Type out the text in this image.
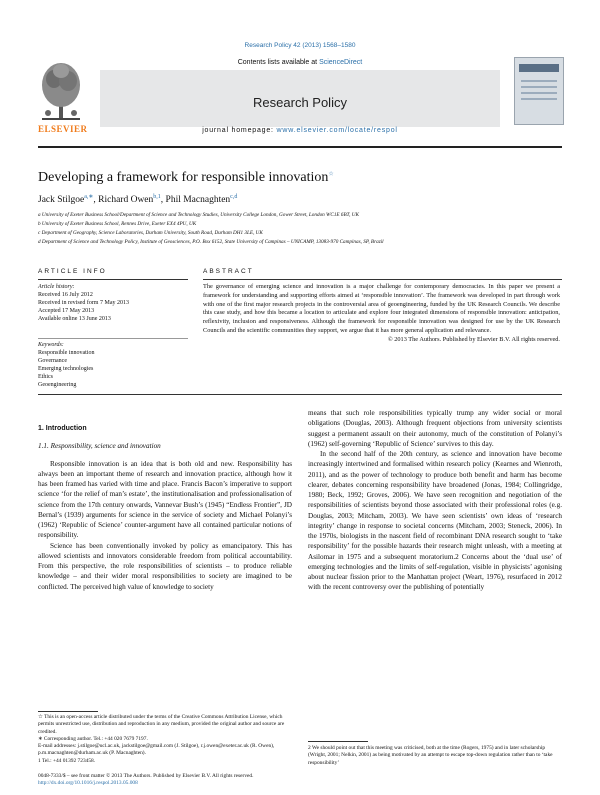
Research Policy 42 (2013) 1568–1580
ELSEVIER
Contents lists available at ScienceDirect
Research Policy
journal homepage: www.elsevier.com/locate/respol
Developing a framework for responsible innovation☆
Jack Stilgoe$^{a,∗}$, Richard Owen$^{b,1}$, Phil Macnaghten$^{c,d}$
a University of Exeter Business School/Department of Science and Technology Studies, University College London, Gower Street, London WC1E 6BT, UK
b University of Exeter Business School, Rennes Drive, Exeter EX4 4PU, UK
c Department of Geography, Science Laboratories, Durham University, South Road, Durham DH1 3LE, UK
d Department of Science and Technology Policy, Institute of Geosciences, P.O. Box 6152, State University of Campinas – UNICAMP, 13083-970 Campinas, SP, Brazil
ARTICLE INFO	ABSTRACT
Article history:
Received 16 July 2012
Received in revised form 7 May 2013
Accepted 17 May 2013
Available online 13 June 2013
Keywords:
Responsible innovation
Governance
Emerging technologies
Ethics
Geoengineering
The governance of emerging science and innovation is a major challenge for contemporary democracies. In this paper we present a framework for understanding and supporting efforts aimed at ‘responsible innovation’. The framework was developed in part through work with one of the first major research projects in the controversial area of geoengineering, funded by the UK Research Councils. We describe this case study, and how this became a location to articulate and explore four integrated dimensions of responsible innovation: anticipation, reflexivity, inclusion and responsiveness. Although the framework for responsible innovation was designed for use by the UK Research Councils and the scientific communities they support, we argue that it has more general application and relevance.
© 2013 The Authors. Published by Elsevier B.V. All rights reserved.
1. Introduction
1.1. Responsibility, science and innovation

Responsible innovation is an idea that is both old and new. Responsibility has always been an important theme of research and innovation practice, although how it has been framed has varied with time and place. Francis Bacon’s imperative to support science ‘for the relief of man’s estate’, the institutionalisation and professionalisation of science from the 17th century onwards, Vannevar Bush’s (1945) “Endless Frontier”, JD Bernal’s (1939) arguments for science in the service of society and Michael Polanyi’s (1962) ‘Republic of Science’ counter-argument have all contained particular notions of responsibility.

Science has been conventionally invoked by policy as emancipatory. This has allowed scientists and innovators considerable freedom from political accountability. From this perspective, the role responsibilities of scientists – to produce reliable knowledge – and their wider moral responsibilities to society are imagined to be conflicted. The perceived high value of knowledge to society

means that such role responsibilities typically trump any wider social or moral obligations (Douglas, 2003). Although frequent objections from university scientists suggest a permanent assault on their autonomy, much of the constitution of Polanyi’s (1962) self-governing ‘Republic of Science’ survives to this day.

In the second half of the 20th century, as science and innovation have become increasingly intertwined and formalised within research policy (Kearnes and Wienroth, 2011), and as the power of technology to produce both benefit and harm has become clearer, debates concerning responsibility have broadened (Jonas, 1984; Collingridge, 1980; Beck, 1992; Groves, 2006). We have seen recognition and negotiation of the responsibilities of scientists beyond those associated with their professional roles (e.g. Douglas, 2003; Mitcham, 2003). We have seen scientists’ own ideas of ‘research integrity’ change in response to societal concerns (Mitcham, 2003; Steneck, 2006). In the 1970s, biologists in the nascent field of recombinant DNA research sought to ‘take responsibility’ for the possible hazards their research might unleash, with a meeting at Asilomar in 1975 and a subsequent moratorium.2 Concerns about the ‘dual use’ of emerging technologies and the limits of self-regulation, visible in physicists’ agonising about nuclear fission prior to the Manhattan project (Weart, 1976), resurfaced in 2012 with the recent controversy over the publishing of potentially

☆ This is an open-access article distributed under the terms of the Creative Commons Attribution License, which permits unrestricted use, distribution and reproduction in any medium, provided the original author and source are credited.
∗ Corresponding author. Tel.: +44 020 7679 7197.
E-mail addresses: j.stilgoe@ucl.ac.uk, jackstilgoe@gmail.com (J. Stilgoe), r.j.owen@exeter.ac.uk (R. Owen), p.m.macnaghten@durham.ac.uk (P. Macnaghten).
1 Tel.: +44 01392 723458.
2 We should point out that this meeting was criticised, both at the time (Rogers, 1975) and in later scholarship (Wright, 2001; Nelkin, 2001) as being motivated by an attempt to escape top-down regulation rather than to ‘take responsibility’
0048-7333/$ – see front matter © 2013 The Authors. Published by Elsevier B.V. All rights reserved.
http://dx.doi.org/10.1016/j.respol.2013.05.008
